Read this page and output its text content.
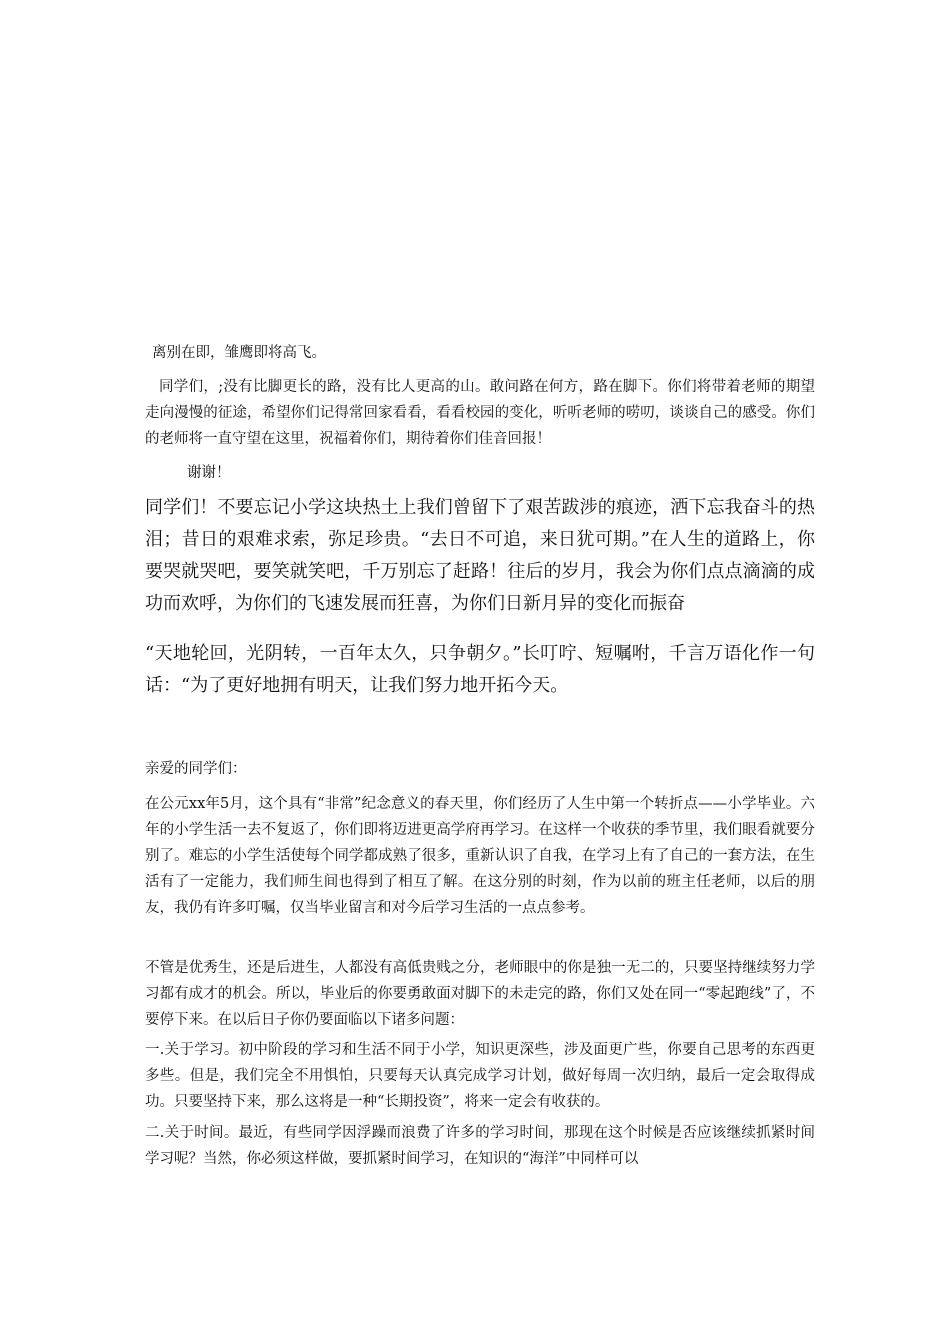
离别在即，雏鹰即将高飞。

同学们，;没有比脚更长的路，没有比人更高的山。敢问路在何方，路在脚下。你们将带着老师的期望走向漫慢的征途，希望你们记得常回家看看，看看校园的变化，听听老师的唠叨，谈谈自己的感受。你们的老师将一直守望在这里，祝福着你们，期待着你们佳音回报！

谢谢！

同学们！不要忘记小学这块热土上我们曾留下了艰苦跋涉的痕迹，洒下忘我奋斗的热泪；昔日的艰难求索，弥足珍贵。“去日不可追，来日犹可期。”在人生的道路上，你要哭就哭吧，要笑就笑吧，千万别忘了赶路！往后的岁月，我会为你们点点滴滴的成功而欢呼，为你们的飞速发展而狂喜，为你们日新月异的变化而振奋

“天地轮回，光阴转，一百年太久，只争朝夕。”长叮咛、短嘱咐，千言万语化作一句话：“为了更好地拥有明天，让我们努力地开拓今天。

亲爱的同学们：

在公元xx年5月，这个具有“非常”纪念意义的春天里，你们经历了人生中第一个转折点——小学毕业。六年的小学生活一去不复返了，你们即将迈进更高学府再学习。在这样一个收获的季节里，我们眼看就要分别了。难忘的小学生活使每个同学都成熟了很多，重新认识了自我，在学习上有了自己的一套方法，在生活有了一定能力，我们师生间也得到了相互了解。在这分别的时刻，作为以前的班主任老师，以后的朋友，我仍有许多叮嘱，仅当毕业留言和对今后学习生活的一点点参考。

不管是优秀生，还是后进生，人都没有高低贵贱之分，老师眼中的你是独一无二的，只要坚持继续努力学习都有成才的机会。所以，毕业后的你要勇敢面对脚下的未走完的路，你们又处在同一“零起跑线”了，不要停下来。在以后日子你仍要面临以下诸多问题：

一.关于学习。初中阶段的学习和生活不同于小学，知识更深些，涉及面更广些，你要自己思考的东西更多些。但是，我们完全不用惧怕，只要每天认真完成学习计划，做好每周一次归纳，最后一定会取得成功。只要坚持下来，那么这将是一种“长期投资”，将来一定会有收获的。

二.关于时间。最近，有些同学因浮躁而浪费了许多的学习时间，那现在这个时候是否应该继续抓紧时间学习呢？当然，你必须这样做，要抓紧时间学习，在知识的“海洋”中同样可以
